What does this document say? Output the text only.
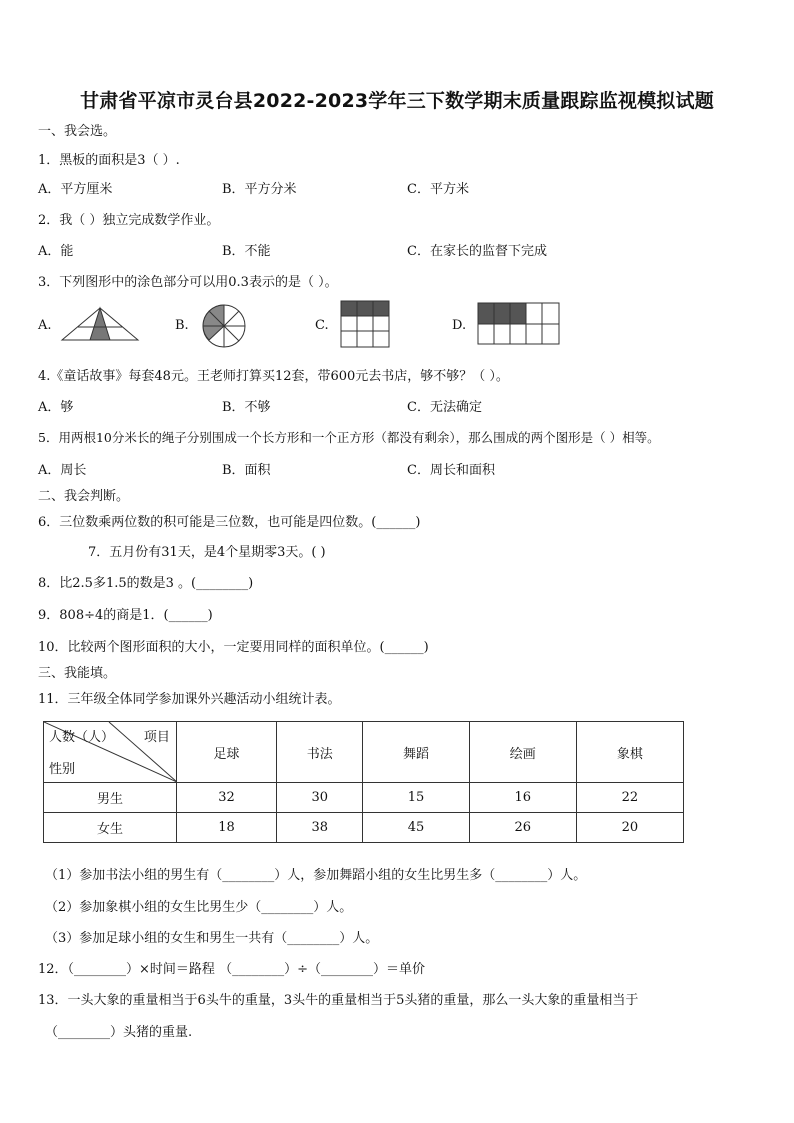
甘肃省平凉市灵台县2022-2023学年三下数学期末质量跟踪监视模拟试题
一、我会选。
1．黑板的面积是3（ ）.
A．平方厘米	B．平方分米	C．平方米
2．我（ ）独立完成数学作业。
A．能	B．不能	C．在家长的监督下完成
3．下列图形中的涂色部分可以用0.3表示的是（ ）。
A.	B.	C.	D.
4.《童话故事》每套48元。王老师打算买12套，带600元去书店，够不够？（ ）。
A．够	B．不够	C．无法确定
5．用两根10分米长的绳子分别围成一个长方形和一个正方形（都没有剩余），那么围成的两个图形是（ ）相等。
A．周长	B．面积	C．周长和面积
二、我会判断。
6．三位数乘两位数的积可能是三位数，也可能是四位数。(______)
7．五月份有31天，是4个星期零3天。( )
8．比2.5多1.5的数是3 。(________)
9．808÷4的商是1．(______)
10．比较两个图形面积的大小，一定要用同样的面积单位。(______)
三、我能填。
11．三年级全体同学参加课外兴趣活动小组统计表。
人数（人） 项目
性别	足球	书法	舞蹈	绘画	象棋
男生	32	30	15	16	22
女生	18	38	45	26	20
（1）参加书法小组的男生有（________）人，参加舞蹈小组的女生比男生多（________）人。
（2）参加象棋小组的女生比男生少（________）人。
（3）参加足球小组的女生和男生一共有（________）人。
12．（________）×时间＝路程 （________）÷（________）＝单价
13．一头大象的重量相当于6头牛的重量，3头牛的重量相当于5头猪的重量，那么一头大象的重量相当于
（________）头猪的重量.
